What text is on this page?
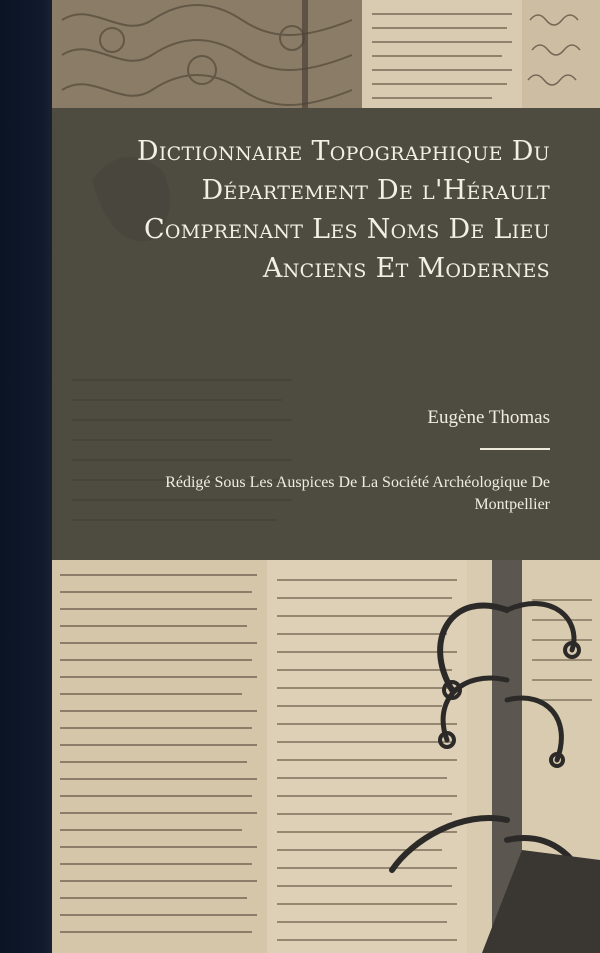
Dictionnaire Topographique Du Département De l'Hérault Comprenant Les Noms De Lieu Anciens Et Modernes
Eugène Thomas
Rédigé Sous Les Auspices De La Société Archéologique De Montpellier
